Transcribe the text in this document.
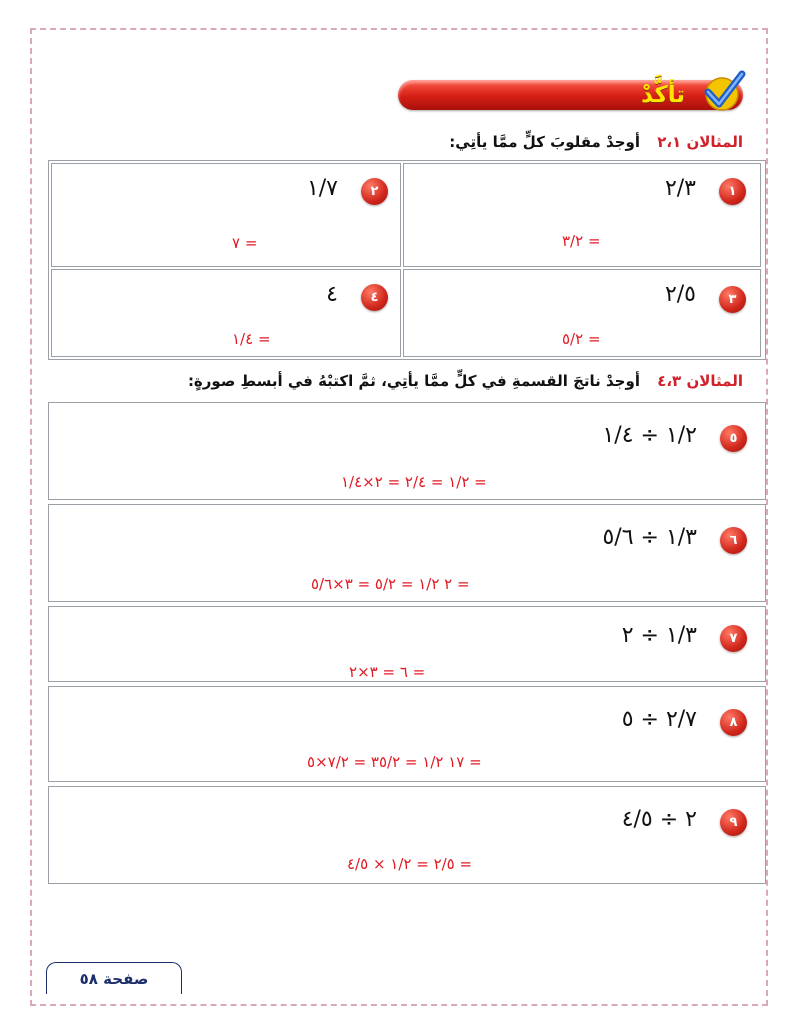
تأكَّدْ
المثالان ٢،١ أوجدْ مقلوبَ كلٍّ ممَّا يأتِي:
١
٢/٣
٣/٢ =
٢
١/٧
٧ =
٣
٢/٥
٥/٢ =
٤
٤
١/٤ =
المثالان ٤،٣ أوجدْ ناتجَ القسمةِ في كلٍّ ممَّا يأتِي، ثمَّ اكتبْهُ في أبسطِ صورةٍ:
٥
١/٢ ÷ ١/٤
١/٢ = ٢/٤ = ٢×١/٤ =
٦
١/٣ ÷ ٥/٦
٢ ١/٢ = ٥/٢ = ٣×٥/٦ =
٧
١/٣ ÷ ٢
٦ = ٣×٢ =
٨
٢/٧ ÷ ٥
١٧ ١/٢ = ٣٥/٢ = ٧/٢×٥ =
٩
٢ ÷ ٤/٥
٢/٥ = ١/٢ × ٤/٥ =
صفحة ٥٨
